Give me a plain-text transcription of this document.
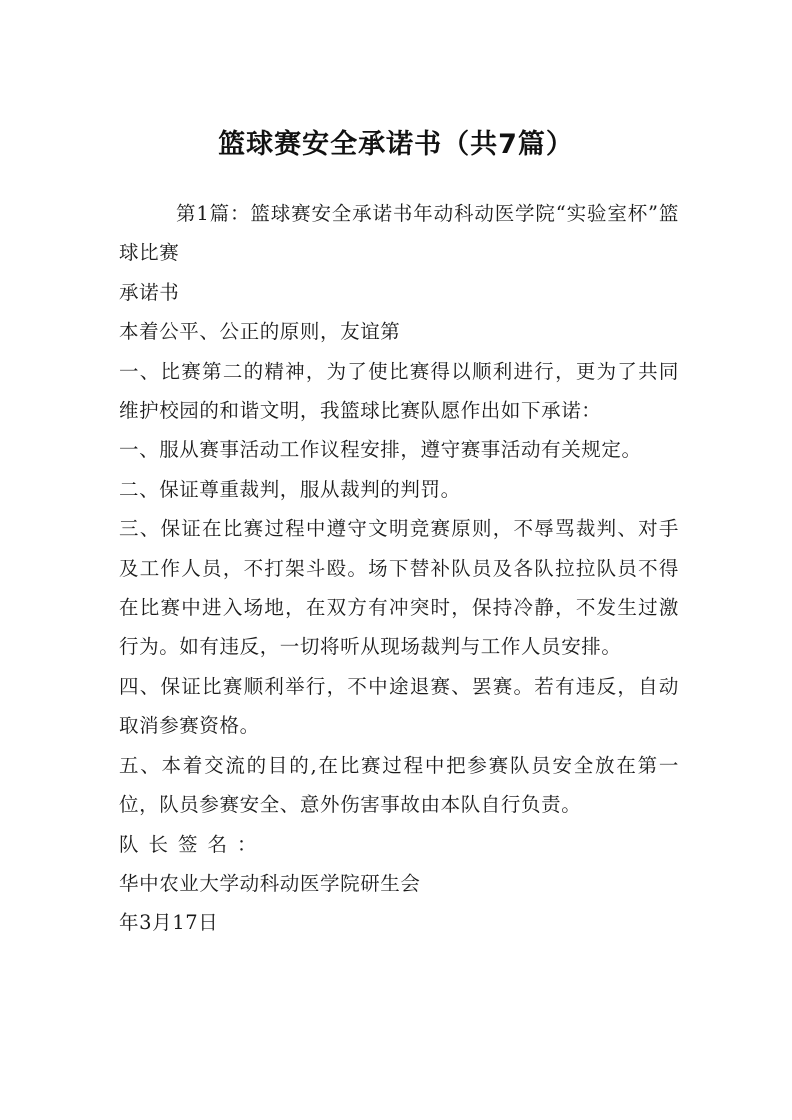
篮球赛安全承诺书（共7篇）

第1篇：篮球赛安全承诺书年动科动医学院“实验室杯”篮球比赛

承诺书

本着公平、公正的原则，友谊第

一、比赛第二的精神，为了使比赛得以顺利进行，更为了共同维护校园的和谐文明，我篮球比赛队愿作出如下承诺：

一、服从赛事活动工作议程安排，遵守赛事活动有关规定。

二、保证尊重裁判，服从裁判的判罚。

三、保证在比赛过程中遵守文明竞赛原则，不辱骂裁判、对手及工作人员，不打架斗殴。场下替补队员及各队拉拉队员不得在比赛中进入场地，在双方有冲突时，保持冷静，不发生过激行为。如有违反，一切将听从现场裁判与工作人员安排。

四、保证比赛顺利举行，不中途退赛、罢赛。若有违反，自动取消参赛资格。

五、本着交流的目的,在比赛过程中把参赛队员安全放在第一位，队员参赛安全、意外伤害事故由本队自行负责。

队长签名：

华中农业大学动科动医学院研生会

年3月17日
